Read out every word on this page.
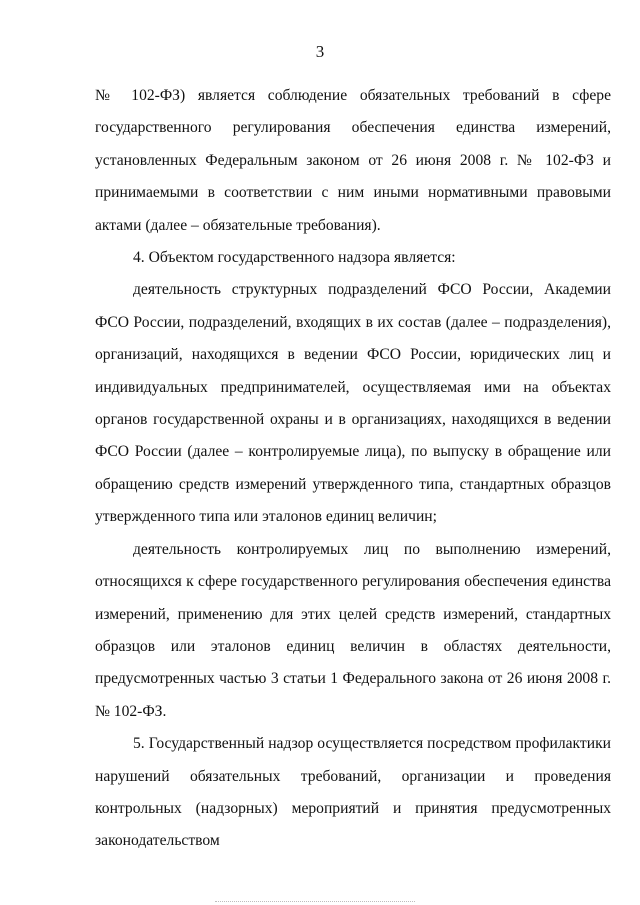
3

№ 102-ФЗ) является соблюдение обязательных требований в сфере государственного регулирования обеспечения единства измерений, установленных Федеральным законом от 26 июня 2008 г. № 102-ФЗ и принимаемыми в соответствии с ним иными нормативными правовыми актами (далее – обязательные требования).

4. Объектом государственного надзора является:

деятельность структурных подразделений ФСО России, Академии ФСО России, подразделений, входящих в их состав (далее – подразделения), организаций, находящихся в ведении ФСО России, юридических лиц и индивидуальных предпринимателей, осуществляемая ими на объектах органов государственной охраны и в организациях, находящихся в ведении ФСО России (далее – контролируемые лица), по выпуску в обращение или обращению средств измерений утвержденного типа, стандартных образцов утвержденного типа или эталонов единиц величин;

деятельность контролируемых лиц по выполнению измерений, относящихся к сфере государственного регулирования обеспечения единства измерений, применению для этих целей средств измерений, стандартных образцов или эталонов единиц величин в областях деятельности, предусмотренных частью 3 статьи 1 Федерального закона от 26 июня 2008 г. № 102-ФЗ.

5. Государственный надзор осуществляется посредством профилактики нарушений обязательных требований, организации и проведения контрольных (надзорных) мероприятий и принятия предусмотренных законодательством
